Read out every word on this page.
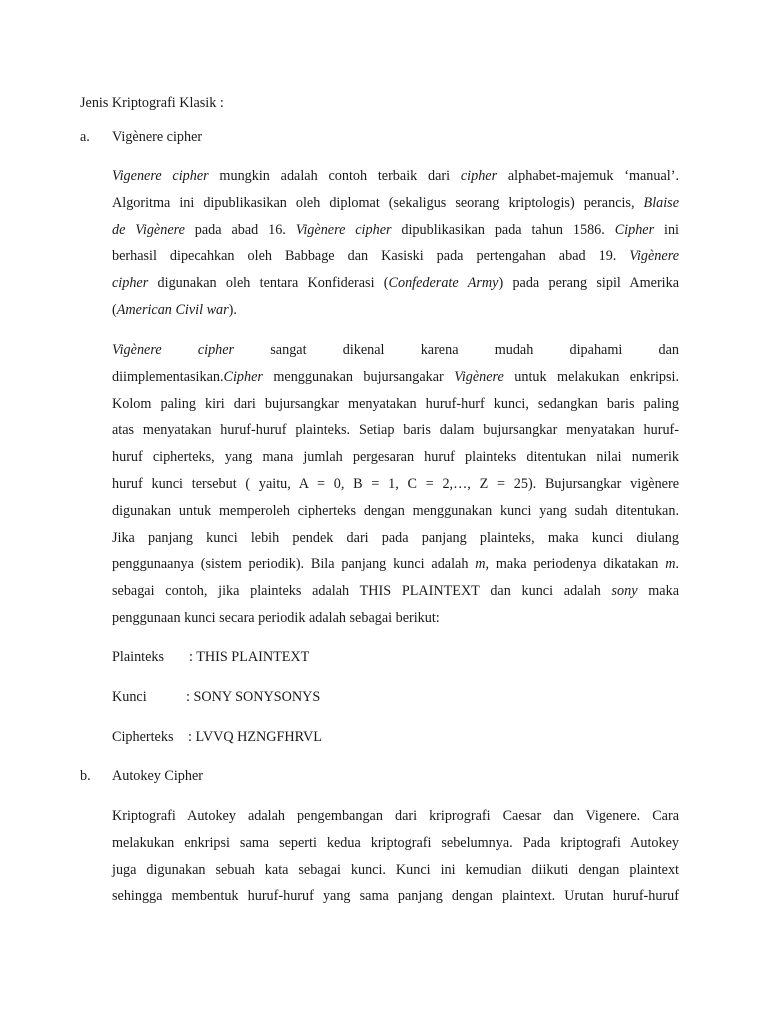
Jenis Kriptografi Klasik :
a. Vigènere cipher
Vigenere cipher mungkin adalah contoh terbaik dari cipher alphabet-majemuk ‘manual’.
Algoritma ini dipublikasikan oleh diplomat (sekaligus seorang kriptologis) perancis, Blaise
de Vigènere pada abad 16. Vigènere cipher dipublikasikan pada tahun 1586. Cipher ini
berhasil dipecahkan oleh Babbage dan Kasiski pada pertengahan abad 19. Vigènere
cipher digunakan oleh tentara Konfiderasi (Confederate Army) pada perang sipil Amerika
(American Civil war).
Vigènere cipher sangat dikenal karena mudah dipahami dan
diimplementasikan.Cipher menggunakan bujursangakar Vigènere untuk melakukan enkripsi.
Kolom paling kiri dari bujursangkar menyatakan huruf-hurf kunci, sedangkan baris paling
atas menyatakan huruf-huruf plainteks. Setiap baris dalam bujursangkar menyatakan huruf-
huruf cipherteks, yang mana jumlah pergesaran huruf plainteks ditentukan nilai numerik
huruf kunci tersebut ( yaitu, A = 0, B = 1, C = 2,…, Z = 25). Bujursangkar vigènere
digunakan untuk memperoleh cipherteks dengan menggunakan kunci yang sudah ditentukan.
Jika panjang kunci lebih pendek dari pada panjang plainteks, maka kunci diulang
penggunaanya (sistem periodik). Bila panjang kunci adalah m, maka periodenya dikatakan m.
sebagai contoh, jika plainteks adalah THIS PLAINTEXT dan kunci adalah sony maka
penggunaan kunci secara periodik adalah sebagai berikut:
Plainteks : THIS PLAINTEXT
Kunci	: SONY SONYSONYS
Cipherteks : LVVQ HZNGFHRVL
b. Autokey Cipher
Kriptografi Autokey adalah pengembangan dari kriprografi Caesar dan Vigenere. Cara
melakukan enkripsi sama seperti kedua kriptografi sebelumnya. Pada kriptografi Autokey
juga digunakan sebuah kata sebagai kunci. Kunci ini kemudian diikuti dengan plaintext
sehingga membentuk huruf-huruf yang sama panjang dengan plaintext. Urutan huruf-huruf
